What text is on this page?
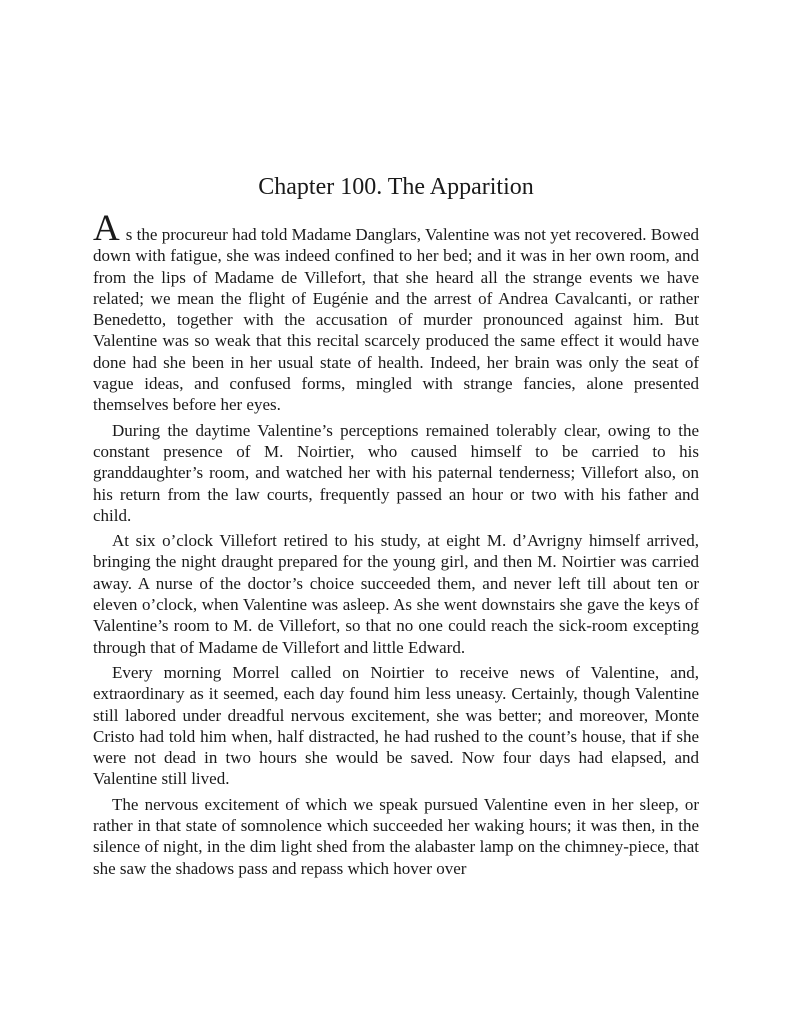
Chapter 100. The Apparition

As the procureur had told Madame Danglars, Valentine was not yet recovered. Bowed down with fatigue, she was indeed confined to her bed; and it was in her own room, and from the lips of Madame de Villefort, that she heard all the strange events we have related; we mean the flight of Eugénie and the arrest of Andrea Cavalcanti, or rather Benedetto, together with the accusation of murder pronounced against him. But Valentine was so weak that this recital scarcely produced the same effect it would have done had she been in her usual state of health. Indeed, her brain was only the seat of vague ideas, and confused forms, mingled with strange fancies, alone presented themselves before her eyes.

During the daytime Valentine’s perceptions remained tolerably clear, owing to the constant presence of M. Noirtier, who caused himself to be carried to his granddaughter’s room, and watched her with his paternal tenderness; Villefort also, on his return from the law courts, frequently passed an hour or two with his father and child.

At six o’clock Villefort retired to his study, at eight M. d’Avrigny himself arrived, bringing the night draught prepared for the young girl, and then M. Noirtier was carried away. A nurse of the doctor’s choice succeeded them, and never left till about ten or eleven o’clock, when Valentine was asleep. As she went downstairs she gave the keys of Valentine’s room to M. de Villefort, so that no one could reach the sick-room excepting through that of Madame de Villefort and little Edward.

Every morning Morrel called on Noirtier to receive news of Valentine, and, extraordinary as it seemed, each day found him less uneasy. Certainly, though Valentine still labored under dreadful nervous excitement, she was better; and moreover, Monte Cristo had told him when, half distracted, he had rushed to the count’s house, that if she were not dead in two hours she would be saved. Now four days had elapsed, and Valentine still lived.

The nervous excitement of which we speak pursued Valentine even in her sleep, or rather in that state of somnolence which succeeded her waking hours; it was then, in the silence of night, in the dim light shed from the alabaster lamp on the chimney-piece, that she saw the shadows pass and repass which hover over
